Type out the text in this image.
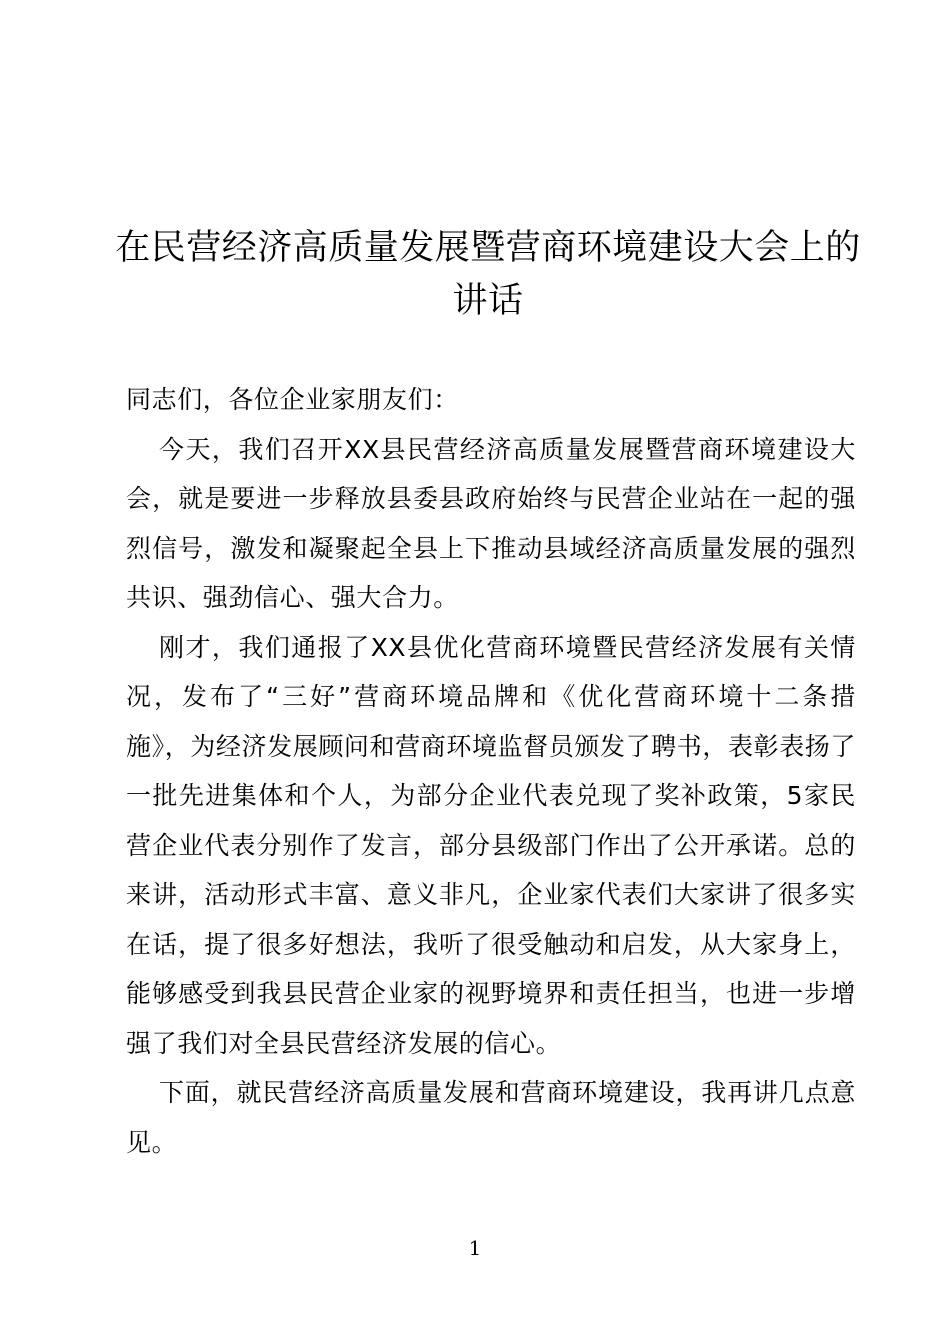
在民营经济高质量发展暨营商环境建设大会上的讲话

同志们，各位企业家朋友们：

今天，我们召开XX县民营经济高质量发展暨营商环境建设大会，就是要进一步释放县委县政府始终与民营企业站在一起的强烈信号，激发和凝聚起全县上下推动县域经济高质量发展的强烈共识、强劲信心、强大合力。

刚才，我们通报了XX县优化营商环境暨民营经济发展有关情况，发布了“三好”营商环境品牌和《优化营商环境十二条措施》，为经济发展顾问和营商环境监督员颁发了聘书，表彰表扬了一批先进集体和个人，为部分企业代表兑现了奖补政策，5家民营企业代表分别作了发言，部分县级部门作出了公开承诺。总的来讲，活动形式丰富、意义非凡，企业家代表们大家讲了很多实在话，提了很多好想法，我听了很受触动和启发，从大家身上，能够感受到我县民营企业家的视野境界和责任担当，也进一步增强了我们对全县民营经济发展的信心。

下面，就民营经济高质量发展和营商环境建设，我再讲几点意见。

1
